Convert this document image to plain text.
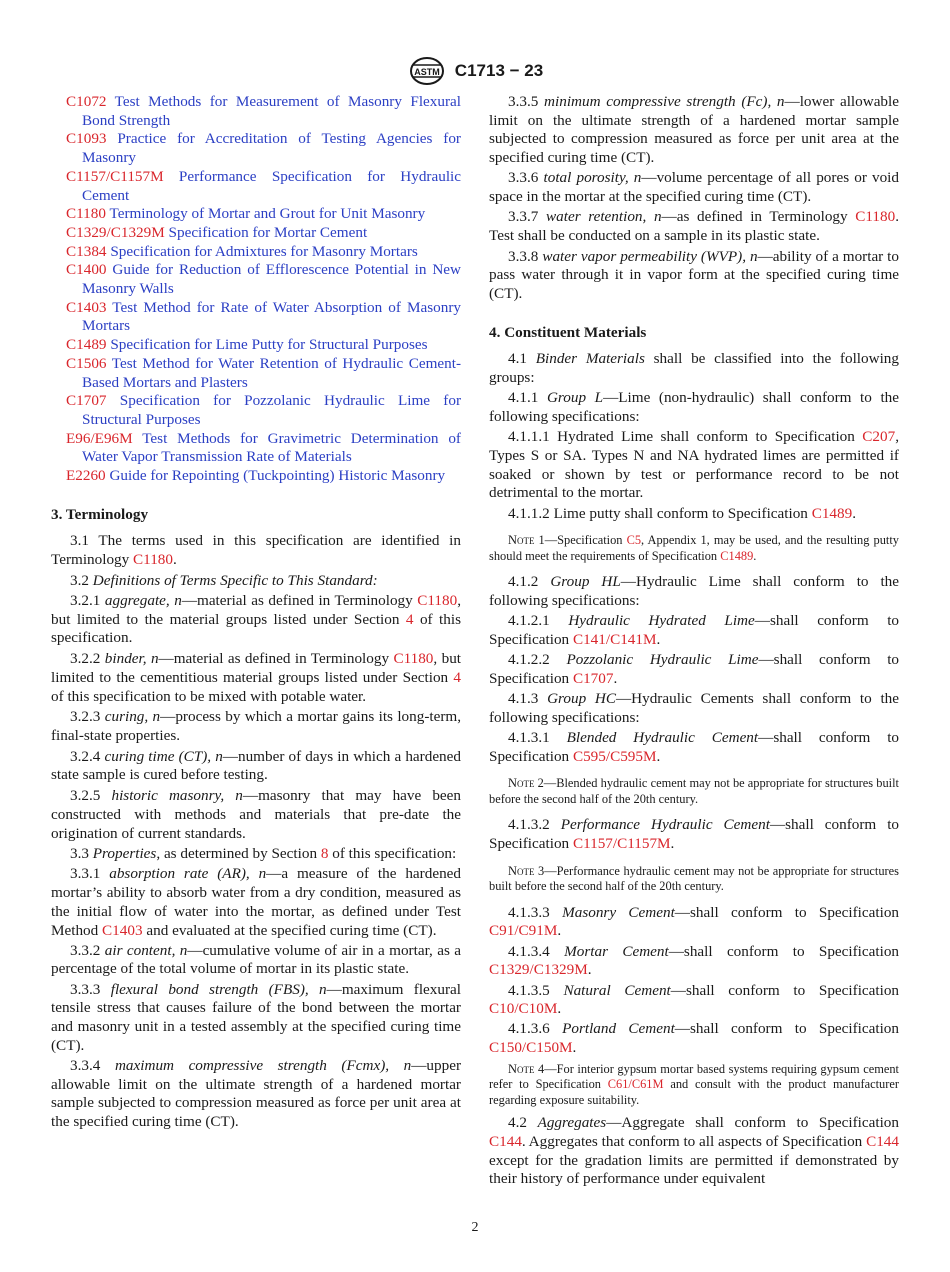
ASTM C1713 − 23

C1072 Test Methods for Measurement of Masonry Flexural Bond Strength

C1093 Practice for Accreditation of Testing Agencies for Masonry

C1157/C1157M Performance Specification for Hydraulic Cement

C1180 Terminology of Mortar and Grout for Unit Masonry

C1329/C1329M Specification for Mortar Cement

C1384 Specification for Admixtures for Masonry Mortars

C1400 Guide for Reduction of Efflorescence Potential in New Masonry Walls

C1403 Test Method for Rate of Water Absorption of Masonry Mortars

C1489 Specification for Lime Putty for Structural Purposes

C1506 Test Method for Water Retention of Hydraulic Cement-Based Mortars and Plasters

C1707 Specification for Pozzolanic Hydraulic Lime for Structural Purposes

E96/E96M Test Methods for Gravimetric Determination of Water Vapor Transmission Rate of Materials

E2260 Guide for Repointing (Tuckpointing) Historic Masonry

3. Terminology

3.1 The terms used in this specification are identified in Terminology C1180.

3.2 Definitions of Terms Specific to This Standard:

3.2.1 aggregate, n—material as defined in Terminology C1180, but limited to the material groups listed under Section 4 of this specification.

3.2.2 binder, n—material as defined in Terminology C1180, but limited to the cementitious material groups listed under Section 4 of this specification to be mixed with potable water.

3.2.3 curing, n—process by which a mortar gains its long-term, final-state properties.

3.2.4 curing time (CT), n—number of days in which a hardened state sample is cured before testing.

3.2.5 historic masonry, n—masonry that may have been constructed with methods and materials that pre-date the origination of current standards.

3.3 Properties, as determined by Section 8 of this specification:

3.3.1 absorption rate (AR), n—a measure of the hardened mortar’s ability to absorb water from a dry condition, measured as the initial flow of water into the mortar, as defined under Test Method C1403 and evaluated at the specified curing time (CT).

3.3.2 air content, n—cumulative volume of air in a mortar, as a percentage of the total volume of mortar in its plastic state.

3.3.3 flexural bond strength (FBS), n—maximum flexural tensile stress that causes failure of the bond between the mortar and masonry unit in a tested assembly at the specified curing time (CT).

3.3.4 maximum compressive strength (Fcmx), n—upper allowable limit on the ultimate strength of a hardened mortar sample subjected to compression measured as force per unit area at the specified curing time (CT).

3.3.5 minimum compressive strength (Fc), n—lower allowable limit on the ultimate strength of a hardened mortar sample subjected to compression measured as force per unit area at the specified curing time (CT).

3.3.6 total porosity, n—volume percentage of all pores or void space in the mortar at the specified curing time (CT).

3.3.7 water retention, n—as defined in Terminology C1180. Test shall be conducted on a sample in its plastic state.

3.3.8 water vapor permeability (WVP), n—ability of a mortar to pass water through it in vapor form at the specified curing time (CT).

4. Constituent Materials

4.1 Binder Materials shall be classified into the following groups:

4.1.1 Group L—Lime (non-hydraulic) shall conform to the following specifications:

4.1.1.1 Hydrated Lime shall conform to Specification C207, Types S or SA. Types N and NA hydrated limes are permitted if soaked or shown by test or performance record to be not detrimental to the mortar.

4.1.1.2 Lime putty shall conform to Specification C1489.

Note 1—Specification C5, Appendix 1, may be used, and the resulting putty should meet the requirements of Specification C1489.

4.1.2 Group HL—Hydraulic Lime shall conform to the following specifications:

4.1.2.1 Hydraulic Hydrated Lime—shall conform to Specification C141/C141M.

4.1.2.2 Pozzolanic Hydraulic Lime—shall conform to Specification C1707.

4.1.3 Group HC—Hydraulic Cements shall conform to the following specifications:

4.1.3.1 Blended Hydraulic Cement—shall conform to Specification C595/C595M.

Note 2—Blended hydraulic cement may not be appropriate for structures built before the second half of the 20th century.

4.1.3.2 Performance Hydraulic Cement—shall conform to Specification C1157/C1157M.

Note 3—Performance hydraulic cement may not be appropriate for structures built before the second half of the 20th century.

4.1.3.3 Masonry Cement—shall conform to Specification C91/C91M.

4.1.3.4 Mortar Cement—shall conform to Specification C1329/C1329M.

4.1.3.5 Natural Cement—shall conform to Specification C10/C10M.

4.1.3.6 Portland Cement—shall conform to Specification C150/C150M.

Note 4—For interior gypsum mortar based systems requiring gypsum cement refer to Specification C61/C61M and consult with the product manufacturer regarding exposure suitability.

4.2 Aggregates—Aggregate shall conform to Specification C144. Aggregates that conform to all aspects of Specification C144 except for the gradation limits are permitted if demonstrated by their history of performance under equivalent

2
